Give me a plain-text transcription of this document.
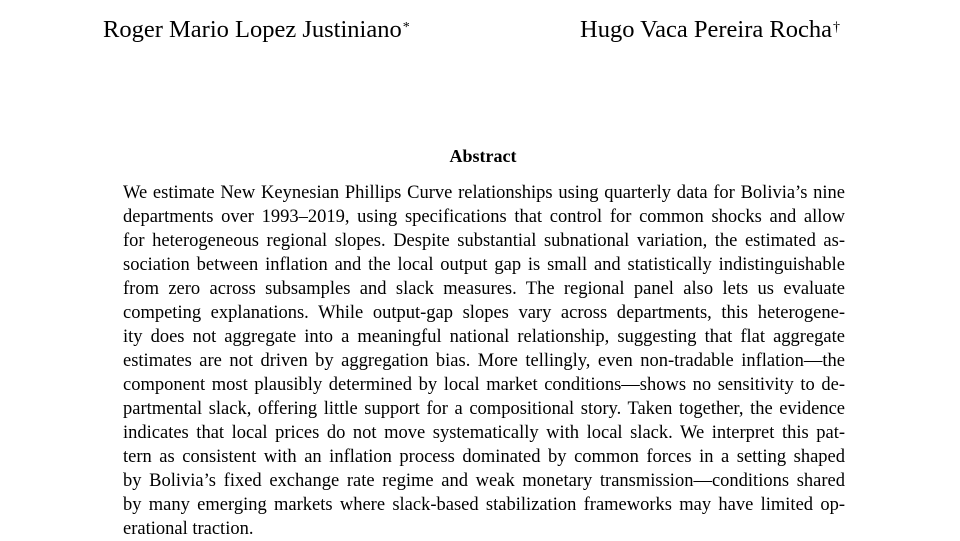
Roger Mario Lopez Justiniano*	Hugo Vaca Pereira Rocha†
Abstract
We estimate New Keynesian Phillips Curve relationships using quarterly data for Bolivia’s nine
departments over 1993–2019, using specifications that control for common shocks and allow
for heterogeneous regional slopes. Despite substantial subnational variation, the estimated as-
sociation between inflation and the local output gap is small and statistically indistinguishable
from zero across subsamples and slack measures. The regional panel also lets us evaluate
competing explanations. While output-gap slopes vary across departments, this heterogene-
ity does not aggregate into a meaningful national relationship, suggesting that flat aggregate
estimates are not driven by aggregation bias. More tellingly, even non-tradable inflation—the
component most plausibly determined by local market conditions—shows no sensitivity to de-
partmental slack, offering little support for a compositional story. Taken together, the evidence
indicates that local prices do not move systematically with local slack. We interpret this pat-
tern as consistent with an inflation process dominated by common forces in a setting shaped
by Bolivia’s fixed exchange rate regime and weak monetary transmission—conditions shared
by many emerging markets where slack-based stabilization frameworks may have limited op-
erational traction.
